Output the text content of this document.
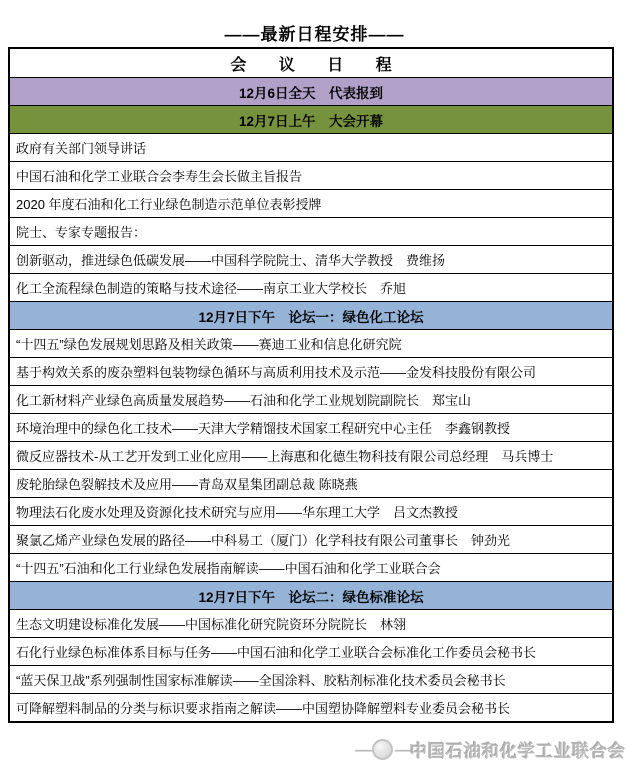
——最新日程安排——
会 议 日 程
12月6日全天　代表报到
12月7日上午　大会开幕
政府有关部门领导讲话
中国石油和化学工业联合会李寿生会长做主旨报告
2020 年度石油和化工行业绿色制造示范单位表彰授牌
院士、专家专题报告：
创新驱动，推进绿色低碳发展——中国科学院院士、清华大学教授　费维扬
化工全流程绿色制造的策略与技术途径——南京工业大学校长　乔旭
12月7日下午　论坛一：绿色化工论坛
“十四五”绿色发展规划思路及相关政策——赛迪工业和信息化研究院
基于构效关系的废杂塑料包装物绿色循环与高质利用技术及示范——金发科技股份有限公司
化工新材料产业绿色高质量发展趋势——石油和化学工业规划院副院长　郑宝山
环境治理中的绿色化工技术——天津大学精馏技术国家工程研究中心主任　李鑫钢教授
微反应器技术-从工艺开发到工业化应用——上海惠和化德生物科技有限公司总经理　马兵博士
废轮胎绿色裂解技术及应用——青岛双星集团副总裁 陈晓燕
物理法石化废水处理及资源化技术研究与应用——华东理工大学　吕文杰教授
聚氯乙烯产业绿色发展的路径——中科易工（厦门）化学科技有限公司董事长　钟劲光
“十四五”石油和化工行业绿色发展指南解读——中国石油和化学工业联合会
12月7日下午　论坛二：绿色标准论坛
生态文明建设标准化发展——中国标准化研究院资环分院院长　林翎
石化行业绿色标准体系目标与任务——中国石油和化学工业联合会标准化工作委员会秘书长
“蓝天保卫战”系列强制性国家标准解读——全国涂料、胶粘剂标准化技术委员会秘书长
可降解塑料制品的分类与标识要求指南之解读——中国塑协降解塑料专业委员会秘书长
— — 中国石油和化学工业联合会
